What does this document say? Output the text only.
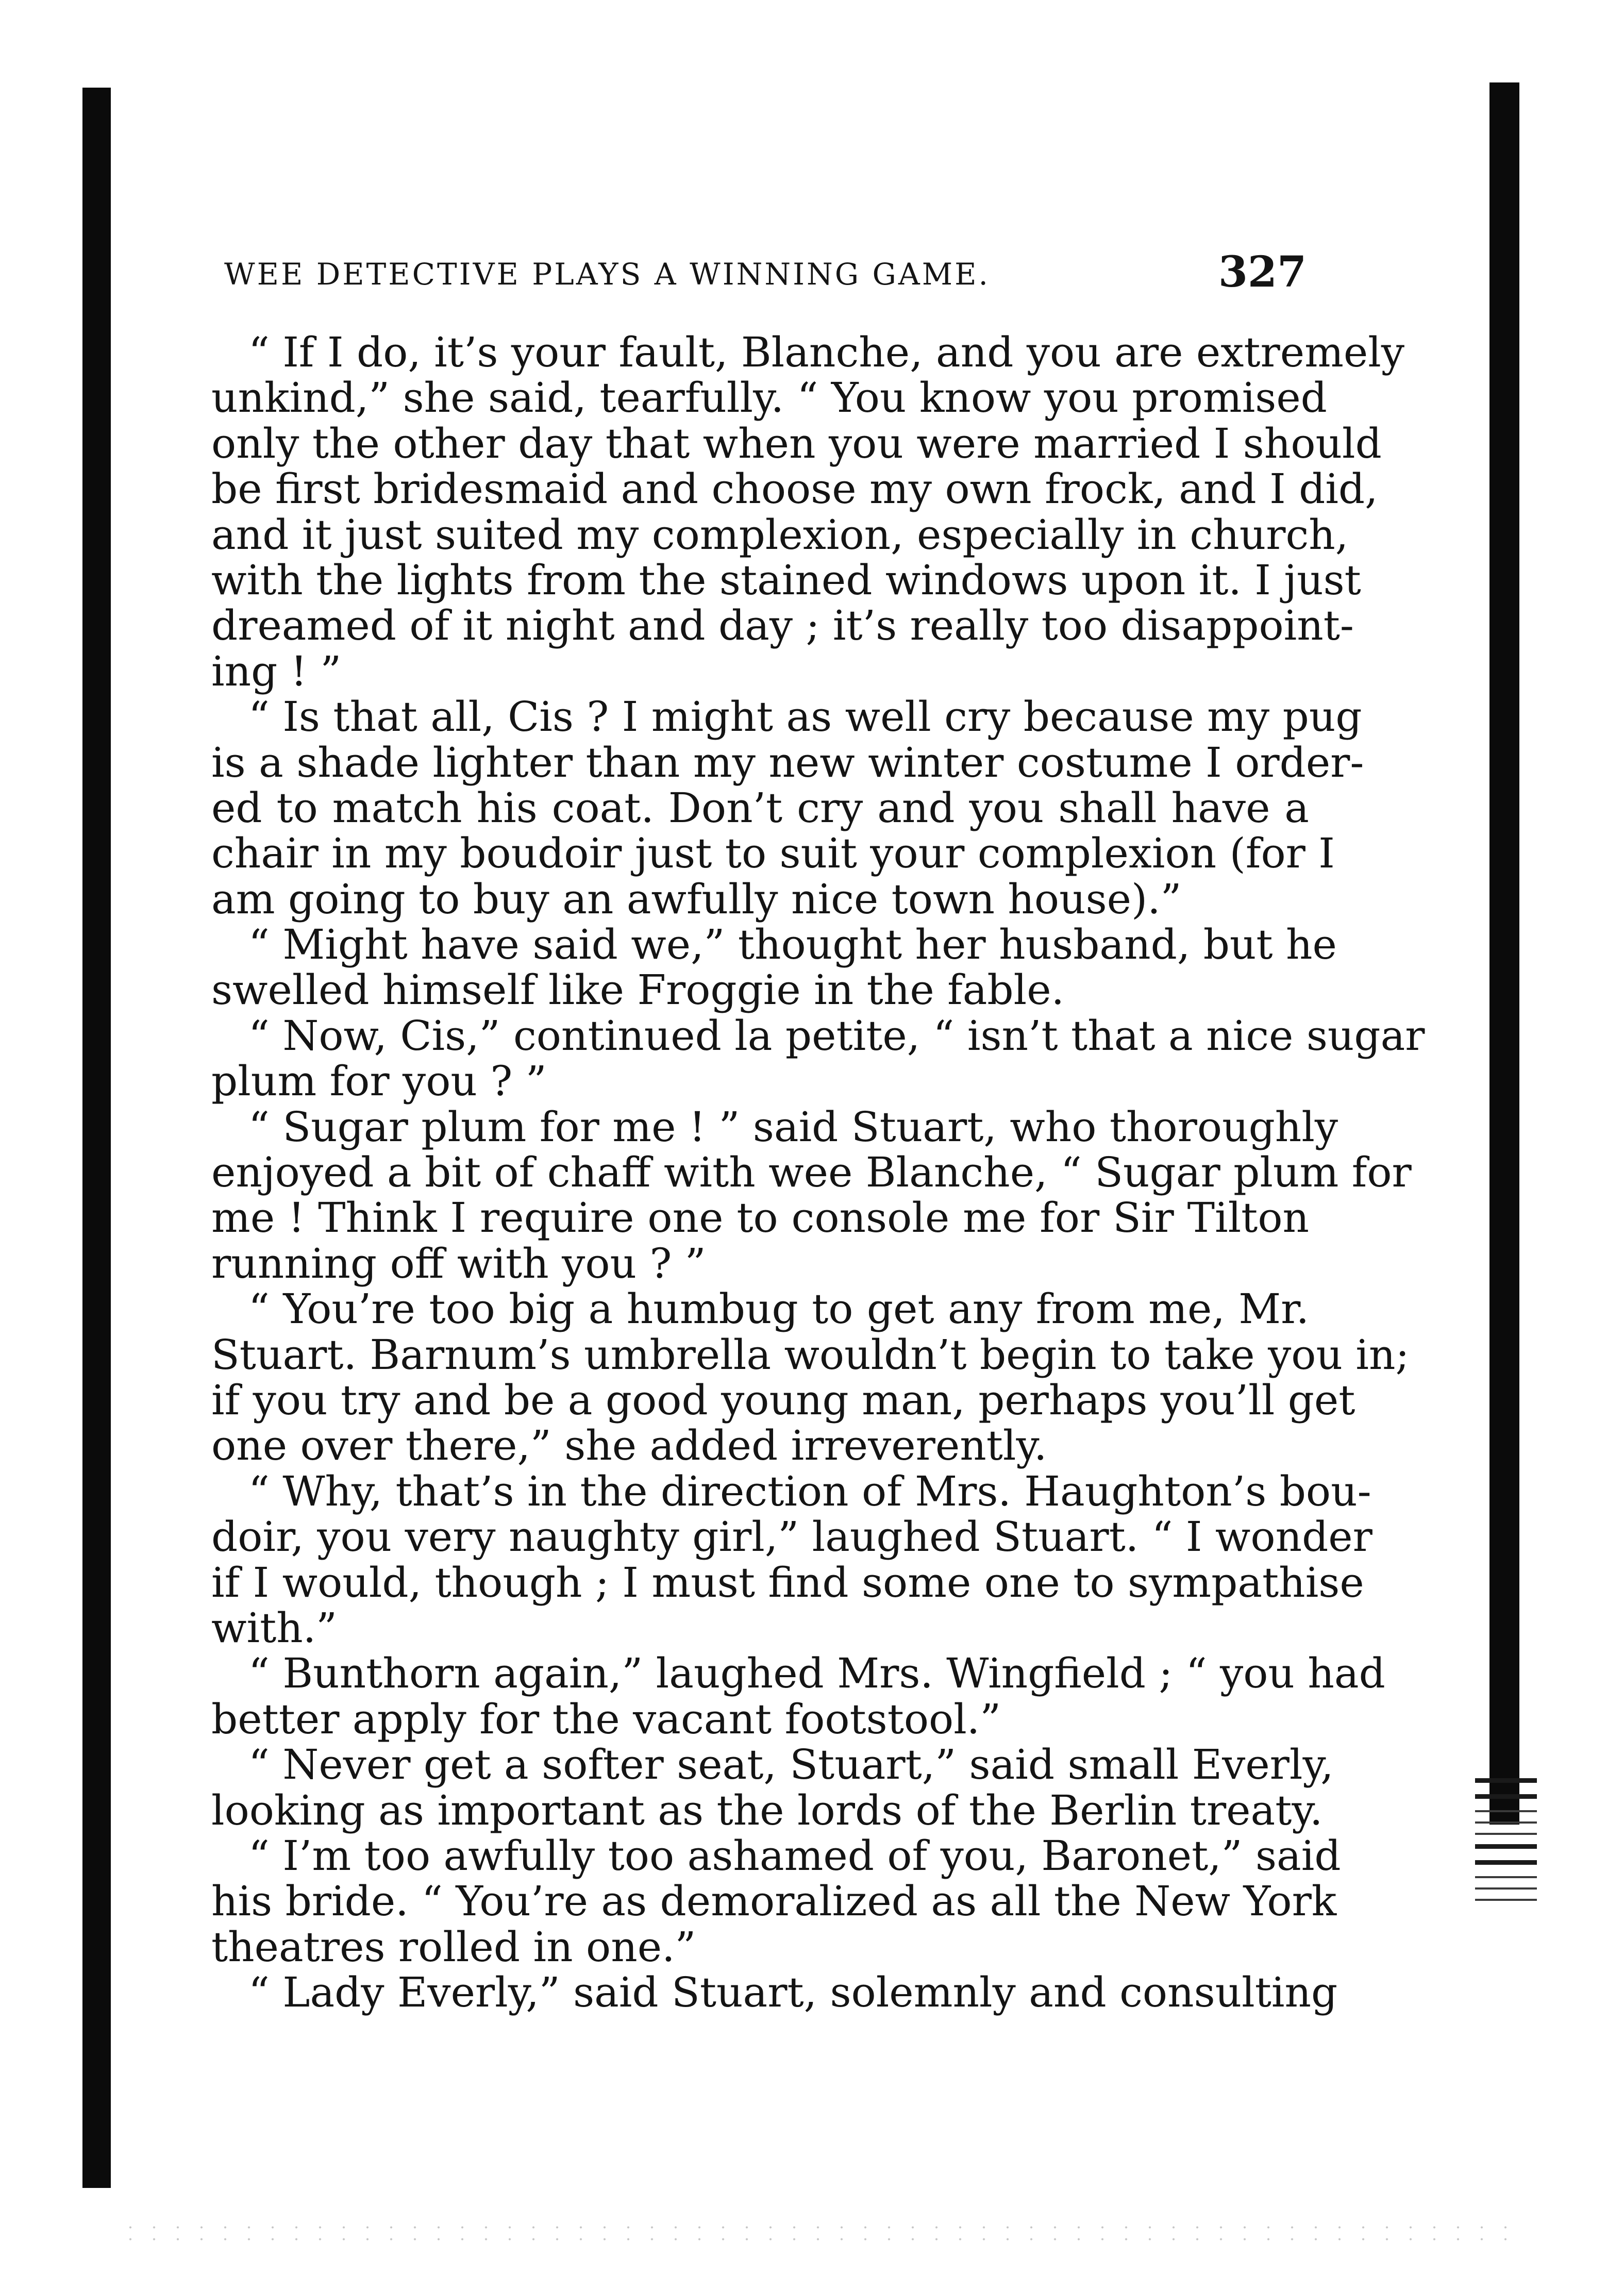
WEE DETECTIVE PLAYS A WINNING GAME.	327
“ If I do, it’s your fault, Blanche, and you are extremely
unkind,” she said, tearfully. “ You know you promised
only the other day that when you were married I should
be first bridesmaid and choose my own frock, and I did,
and it just suited my complexion, especially in church,
with the lights from the stained windows upon it. I just
dreamed of it night and day ; it’s really too disappoint-
ing ! ”
“ Is that all, Cis ? I might as well cry because my pug
is a shade lighter than my new winter costume I order-
ed to match his coat. Don’t cry and you shall have a
chair in my boudoir just to suit your complexion (for I
am going to buy an awfully nice town house).”
“ Might have said we,” thought her husband, but he
swelled himself like Froggie in the fable.
“ Now, Cis,” continued la petite, “ isn’t that a nice sugar
plum for you ? ”
“ Sugar plum for me ! ” said Stuart, who thoroughly
enjoyed a bit of chaff with wee Blanche, “ Sugar plum for
me ! Think I require one to console me for Sir Tilton
running off with you ? ”
“ You’re too big a humbug to get any from me, Mr.
Stuart. Barnum’s umbrella wouldn’t begin to take you in;
if you try and be a good young man, perhaps you’ll get
one over there,” she added irreverently.
“ Why, that’s in the direction of Mrs. Haughton’s bou-
doir, you very naughty girl,” laughed Stuart. “ I wonder
if I would, though ; I must find some one to sympathise
with.”
“ Bunthorn again,” laughed Mrs. Wingfield ; “ you had
better apply for the vacant footstool.”
“ Never get a softer seat, Stuart,” said small Everly,
looking as important as the lords of the Berlin treaty.
“ I’m too awfully too ashamed of you, Baronet,” said
his bride. “ You’re as demoralized as all the New York
theatres rolled in one.”
“ Lady Everly,” said Stuart, solemnly and consulting
